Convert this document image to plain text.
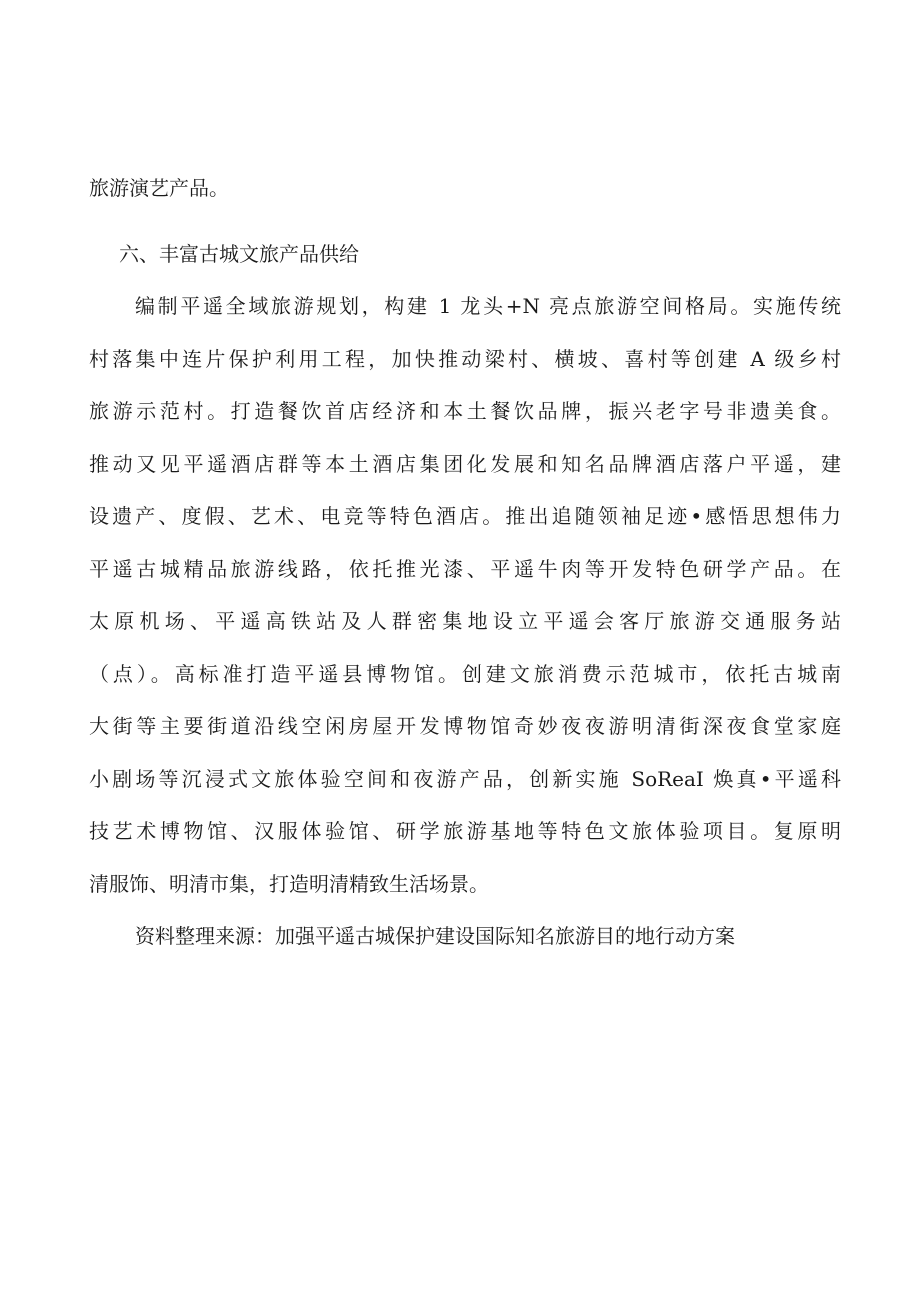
旅游演艺产品。
六、丰富古城文旅产品供给
编制平遥全域旅游规划，构建 1 龙头+N 亮点旅游空间格局。实施传统
村落集中连片保护利用工程，加快推动梁村、横坡、喜村等创建 A 级乡村
旅游示范村。打造餐饮首店经济和本土餐饮品牌，振兴老字号非遗美食。
推动又见平遥酒店群等本土酒店集团化发展和知名品牌酒店落户平遥，建
设遗产、度假、艺术、电竞等特色酒店。推出追随领袖足迹•感悟思想伟力
平遥古城精品旅游线路，依托推光漆、平遥牛肉等开发特色研学产品。在
太原机场、平遥高铁站及人群密集地设立平遥会客厅旅游交通服务站
（点）。高标准打造平遥县博物馆。创建文旅消费示范城市，依托古城南
大街等主要街道沿线空闲房屋开发博物馆奇妙夜夜游明清街深夜食堂家庭
小剧场等沉浸式文旅体验空间和夜游产品，创新实施 SoReaI 焕真•平遥科
技艺术博物馆、汉服体验馆、研学旅游基地等特色文旅体验项目。复原明
清服饰、明清市集，打造明清精致生活场景。
资料整理来源：加强平遥古城保护建设国际知名旅游目的地行动方案
